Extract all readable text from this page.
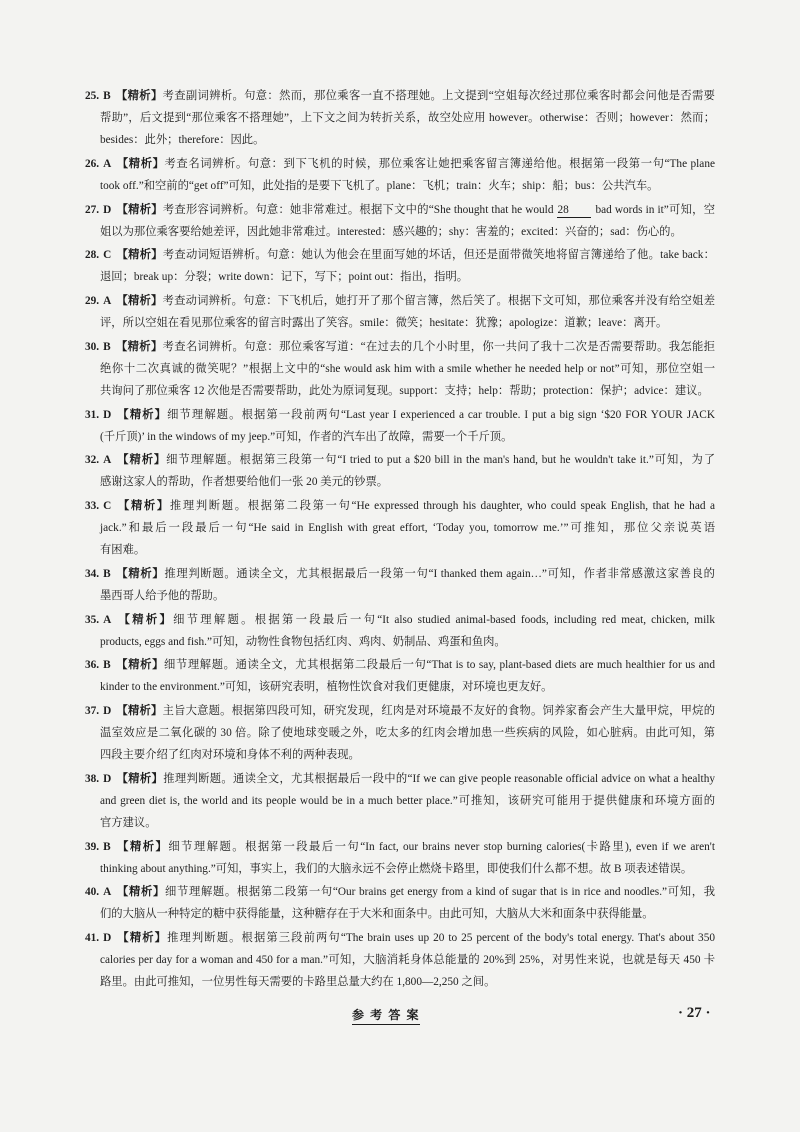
25. B 【精析】考查副词辨析。句意：然而，那位乘客一直不搭理她。上文提到“空姐每次经过那位乘客时都会问他是否需要
帮助”，后文提到“那位乘客不搭理她”，上下文之间为转折关系，故空处应用 however。otherwise：否则；however：然而；
besides：此外；therefore：因此。
26. A 【精析】考查名词辨析。句意：到下飞机的时候，那位乘客让她把乘客留言簿递给他。根据第一段第一句“The plane
took off.”和空前的“get off”可知，此处指的是要下飞机了。plane：飞机；train：火车；ship：船；bus：公共汽车。
27. D 【精析】考查形容词辨析。句意：她非常难过。根据下文中的“She thought that he would 28 bad words in it”可知，空
姐以为那位乘客要给她差评，因此她非常难过。interested：感兴趣的；shy：害羞的；excited：兴奋的；sad：伤心的。
28. C 【精析】考查动词短语辨析。句意：她认为他会在里面写她的坏话，但还是面带微笑地将留言簿递给了他。take back：
退回；break up：分裂；write down：记下，写下；point out：指出，指明。
29. A 【精析】考查动词辨析。句意：下飞机后，她打开了那个留言簿，然后笑了。根据下文可知，那位乘客并没有给空姐差
评，所以空姐在看见那位乘客的留言时露出了笑容。smile：微笑；hesitate：犹豫；apologize：道歉；leave：离开。
30. B 【精析】考查名词辨析。句意：那位乘客写道：“在过去的几个小时里，你一共问了我十二次是否需要帮助。我怎能拒
绝你十二次真诚的微笑呢？”根据上文中的“she would ask him with a smile whether he needed help or not”可知，那位空姐一
共询问了那位乘客 12 次他是否需要帮助，此处为原词复现。support：支持；help：帮助；protection：保护；advice：建议。
31. D 【精析】细节理解题。根据第一段前两句“Last year I experienced a car trouble. I put a big sign ‘$20 FOR YOUR JACK
(千斤顶)’ in the windows of my jeep.”可知，作者的汽车出了故障，需要一个千斤顶。
32. A 【精析】细节理解题。根据第三段第一句“I tried to put a $20 bill in the man's hand, but he wouldn't take it.”可知，为了
感谢这家人的帮助，作者想要给他们一张 20 美元的钞票。
33. C 【精析】推理判断题。根据第二段第一句“He expressed through his daughter, who could speak English, that he had a
jack.”和最后一段最后一句“He said in English with great effort, ‘Today you, tomorrow me.’”可推知，那位父亲说英语
有困难。
34. B 【精析】推理判断题。通读全文，尤其根据最后一段第一句“I thanked them again…”可知，作者非常感激这家善良的
墨西哥人给予他的帮助。
35. A 【精析】细节理解题。根据第一段最后一句“It also studied animal-based foods, including red meat, chicken, milk
products, eggs and fish.”可知，动物性食物包括红肉、鸡肉、奶制品、鸡蛋和鱼肉。
36. B 【精析】细节理解题。通读全文，尤其根据第二段最后一句“That is to say, plant-based diets are much healthier for us and
kinder to the environment.”可知，该研究表明，植物性饮食对我们更健康，对环境也更友好。
37. D 【精析】主旨大意题。根据第四段可知，研究发现，红肉是对环境最不友好的食物。饲养家畜会产生大量甲烷，甲烷的
温室效应是二氧化碳的 30 倍。除了使地球变暖之外，吃太多的红肉会增加患一些疾病的风险，如心脏病。由此可知，第
四段主要介绍了红肉对环境和身体不利的两种表现。
38. D 【精析】推理判断题。通读全文，尤其根据最后一段中的“If we can give people reasonable official advice on what a healthy
and green diet is, the world and its people would be in a much better place.”可推知，该研究可能用于提供健康和环境方面的
官方建议。
39. B 【精析】细节理解题。根据第一段最后一句“In fact, our brains never stop burning calories(卡路里), even if we aren't
thinking about anything.”可知，事实上，我们的大脑永远不会停止燃烧卡路里，即使我们什么都不想。故 B 项表述错误。
40. A 【精析】细节理解题。根据第二段第一句“Our brains get energy from a kind of sugar that is in rice and noodles.”可知，我
们的大脑从一种特定的糖中获得能量，这种糖存在于大米和面条中。由此可知，大脑从大米和面条中获得能量。
41. D 【精析】推理判断题。根据第三段前两句“The brain uses up 20 to 25 percent of the body's total energy. That's about 350
calories per day for a woman and 450 for a man.”可知，大脑消耗身体总能量的 20%到 25%，对男性来说，也就是每天 450 卡
路里。由此可推知，一位男性每天需要的卡路里总量大约在 1,800—2,250 之间。
参 考 答 案	· 27 ·
